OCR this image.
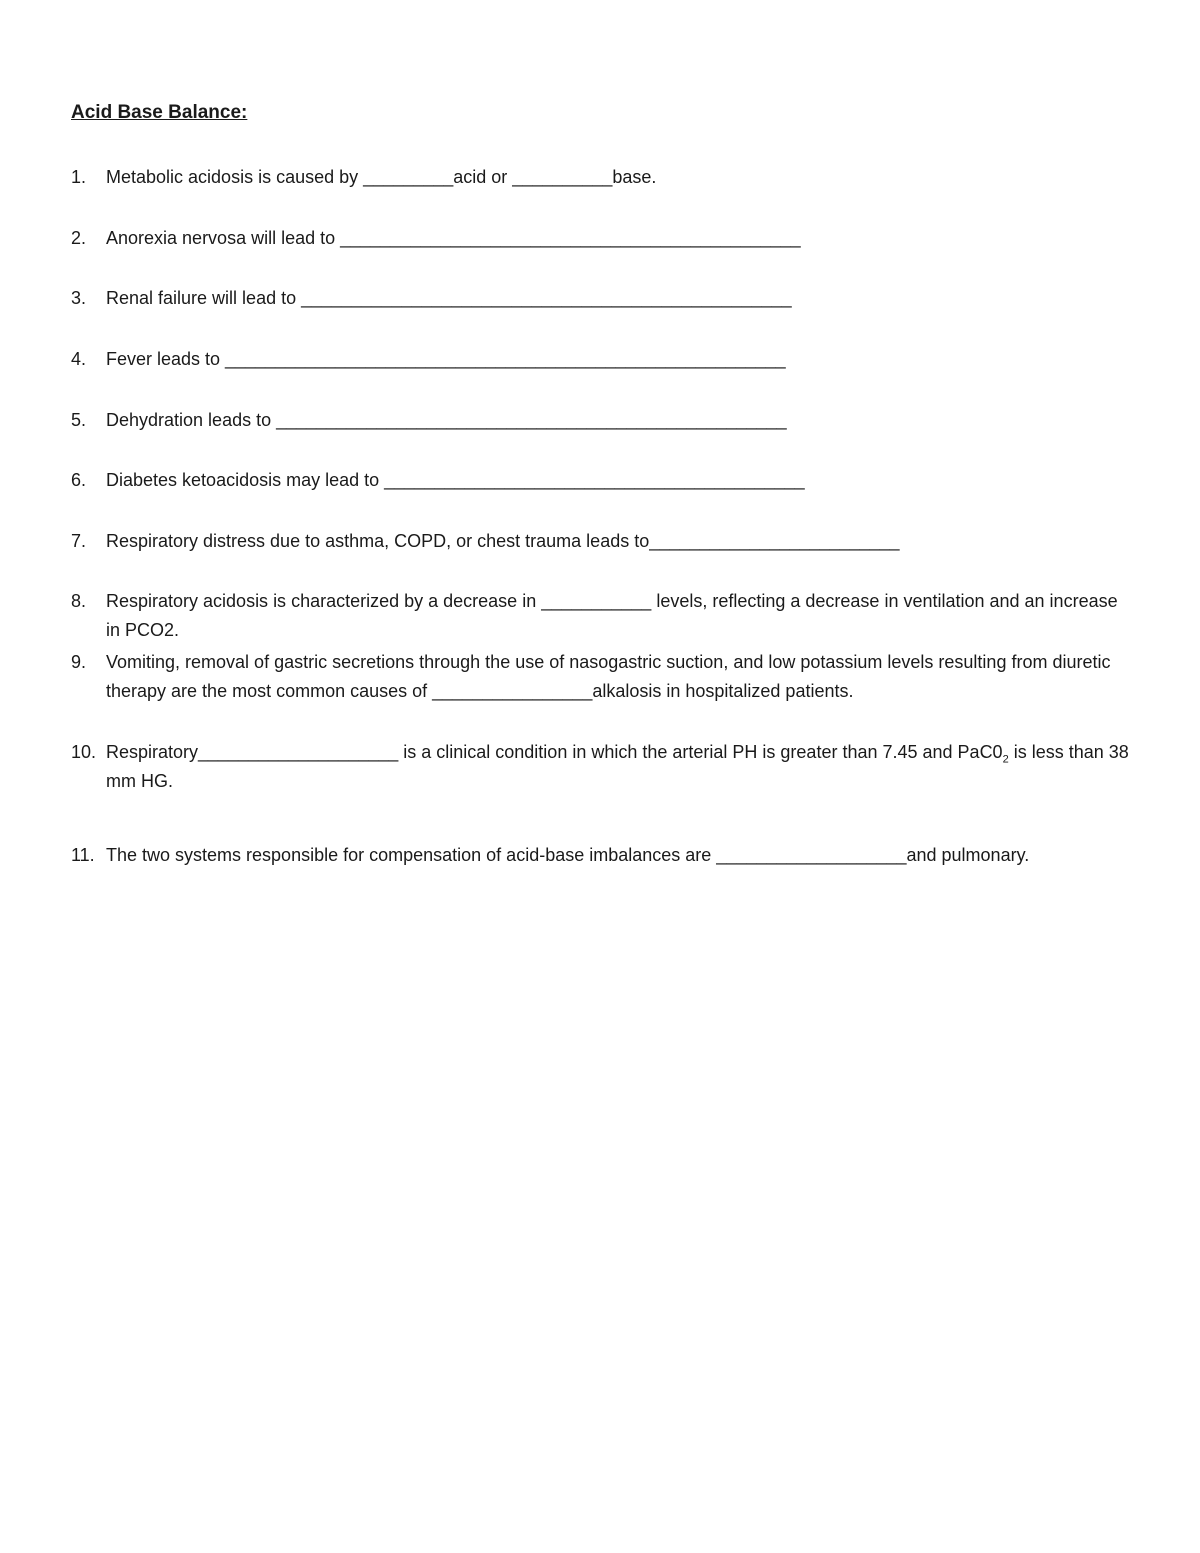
Acid Base Balance:
1. Metabolic acidosis is caused by _________acid or __________base.
2. Anorexia nervosa will lead to ______________________________________________
3. Renal failure will lead to _________________________________________________
4. Fever leads to ________________________________________________________
5. Dehydration leads to ___________________________________________________
6. Diabetes ketoacidosis may lead to __________________________________________
7. Respiratory distress due to asthma, COPD, or chest trauma leads to_________________________
8. Respiratory acidosis is characterized by a decrease in ___________ levels, reflecting a decrease in ventilation and an increase in PCO2.
9. Vomiting, removal of gastric secretions through the use of nasogastric suction, and low potassium levels resulting from diuretic therapy are the most common causes of ________________alkalosis in hospitalized patients.
10. Respiratory____________________ is a clinical condition in which the arterial PH is greater than 7.45 and $PaC0_2$ is less than 38 mm HG.
11. The two systems responsible for compensation of acid-base imbalances are ___________________and pulmonary.
